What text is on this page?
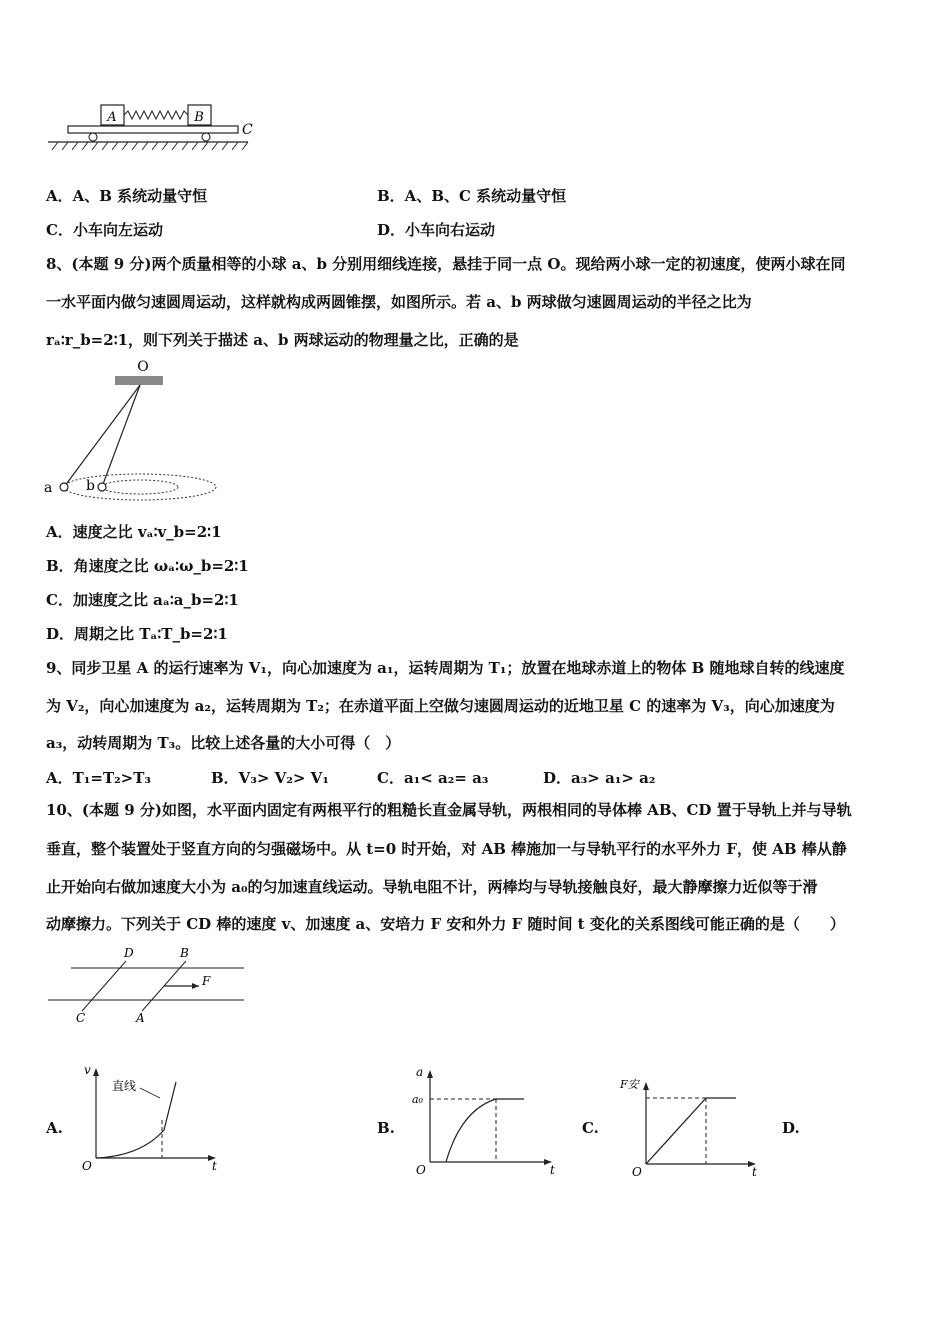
A	B
C
A．A、B 系统动量守恒	B．A、B、C 系统动量守恒
C．小车向左运动	D．小车向右运动
8、(本题 9 分)两个质量相等的小球 a、b 分别用细线连接，悬挂于同一点 O。现给两小球一定的初速度，使两小球在同
一水平面内做匀速圆周运动，这样就构成两圆锥摆，如图所示。若 a、b 两球做匀速圆周运动的半径之比为
rₐ∶r_b=2∶1，则下列关于描述 a、b 两球运动的物理量之比，正确的是
O
a b
A．速度之比 vₐ∶v_b=2∶1
B．角速度之比 ωₐ∶ω_b=2∶1
C．加速度之比 aₐ∶a_b=2∶1
D．周期之比 Tₐ∶T_b=2∶1
9、同步卫星 A 的运行速率为 V₁，向心加速度为 a₁，运转周期为 T₁；放置在地球赤道上的物体 B 随地球自转的线速度
为 V₂，向心加速度为 a₂，运转周期为 T₂；在赤道平面上空做匀速圆周运动的近地卫星 C 的速率为 V₃，向心加速度为
a₃，动转周期为 T₃。比较上述各量的大小可得（　）
A．T₁=T₂>T₃	B．V₃> V₂> V₁	C．a₁< a₂= a₃	D．a₃> a₁> a₂
10、(本题 9 分)如图，水平面内固定有两根平行的粗糙长直金属导轨，两根相同的导体棒 AB、CD 置于导轨上并与导轨
垂直，整个装置处于竖直方向的匀强磁场中。从 t=0 时开始，对 AB 棒施加一与导轨平行的水平外力 F，使 AB 棒从静
止开始向右做加速度大小为 a₀的匀加速直线运动。导轨电阻不计，两棒均与导轨接触良好，最大静摩擦力近似等于滑
动摩擦力。下列关于 CD 棒的速度 v、加速度 a、安培力 F 安和外力 F 随时间 t 变化的关系图线可能正确的是（　　）
D	B
F
C	A
A.
v
t
O
直线
B.
a
a₀
t
O
C.
F安
t
O
D.
